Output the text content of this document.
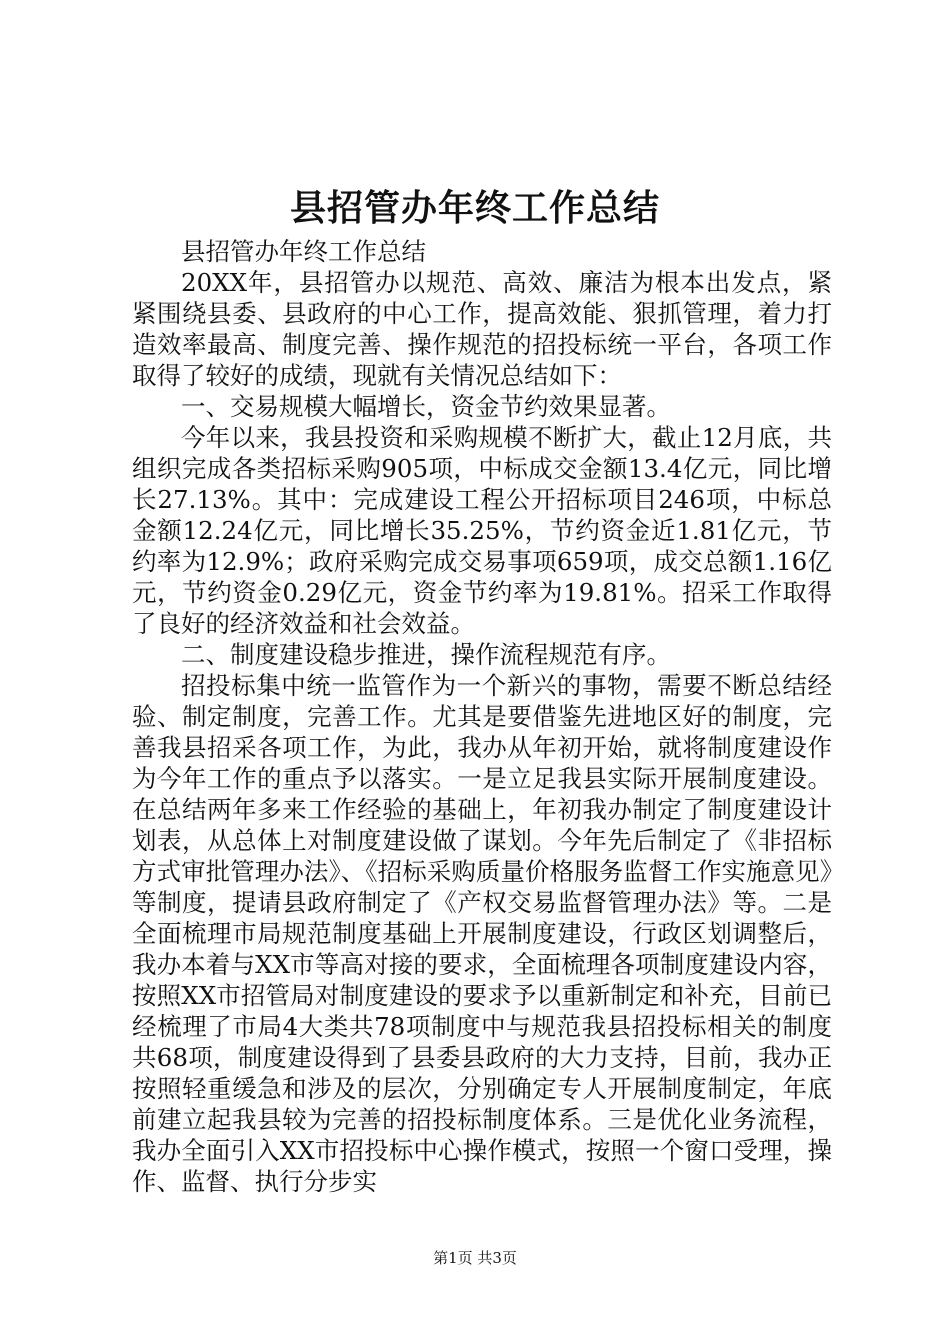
县招管办年终工作总结

县招管办年终工作总结

20XX年，县招管办以规范、高效、廉洁为根本出发点，紧紧围绕县委、县政府的中心工作，提高效能、狠抓管理，着力打造效率最高、制度完善、操作规范的招投标统一平台，各项工作取得了较好的成绩，现就有关情况总结如下：

一、交易规模大幅增长，资金节约效果显著。

今年以来，我县投资和采购规模不断扩大，截止12月底，共组织完成各类招标采购905项，中标成交金额13.4亿元，同比增长27.13%。其中：完成建设工程公开招标项目246项，中标总金额12.24亿元，同比增长35.25%，节约资金近1.81亿元，节约率为12.9%；政府采购完成交易事项659项，成交总额1.16亿元，节约资金0.29亿元，资金节约率为19.81%。招采工作取得了良好的经济效益和社会效益。

二、制度建设稳步推进，操作流程规范有序。

招投标集中统一监管作为一个新兴的事物，需要不断总结经验、制定制度，完善工作。尤其是要借鉴先进地区好的制度，完善我县招采各项工作，为此，我办从年初开始，就将制度建设作为今年工作的重点予以落实。一是立足我县实际开展制度建设。在总结两年多来工作经验的基础上，年初我办制定了制度建设计划表，从总体上对制度建设做了谋划。今年先后制定了《非招标方式审批管理办法》、《招标采购质量价格服务监督工作实施意见》等制度，提请县政府制定了《产权交易监督管理办法》等。二是全面梳理市局规范制度基础上开展制度建设，行政区划调整后，我办本着与XX市等高对接的要求，全面梳理各项制度建设内容，按照XX市招管局对制度建设的要求予以重新制定和补充，目前已经梳理了市局4大类共78项制度中与规范我县招投标相关的制度共68项，制度建设得到了县委县政府的大力支持，目前，我办正按照轻重缓急和涉及的层次，分别确定专人开展制度制定，年底前建立起我县较为完善的招投标制度体系。三是优化业务流程，我办全面引入XX市招投标中心操作模式，按照一个窗口受理，操作、监督、执行分步实

第1页 共3页
